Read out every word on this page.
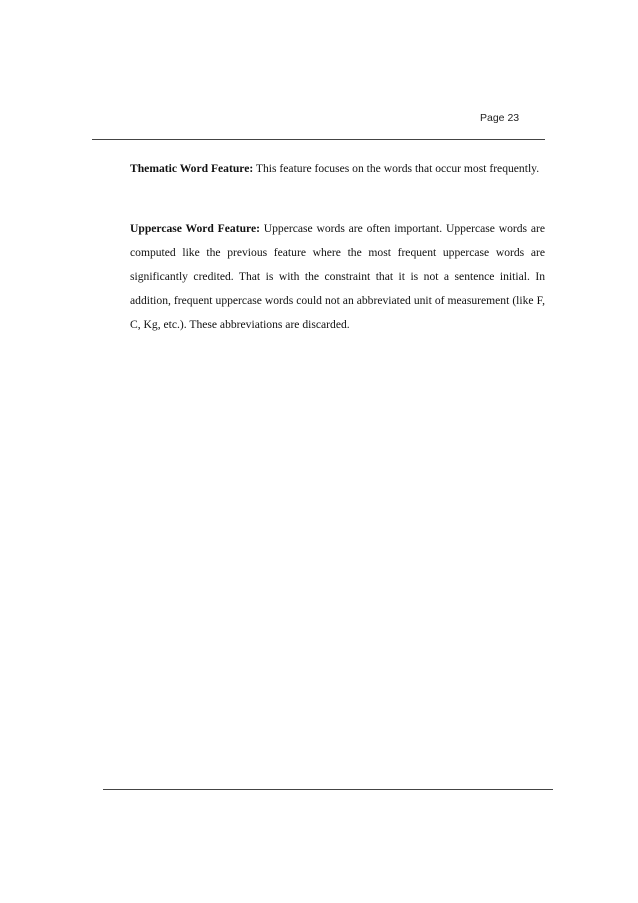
Page 23

Thematic Word Feature: This feature focuses on the words that occur most frequently.

Uppercase Word Feature: Uppercase words are often important. Uppercase words are computed like the previous feature where the most frequent uppercase words are significantly credited. That is with the constraint that it is not a sentence initial. In addition, frequent uppercase words could not an abbreviated unit of measurement (like F, C, Kg, etc.). These abbreviations are discarded.
